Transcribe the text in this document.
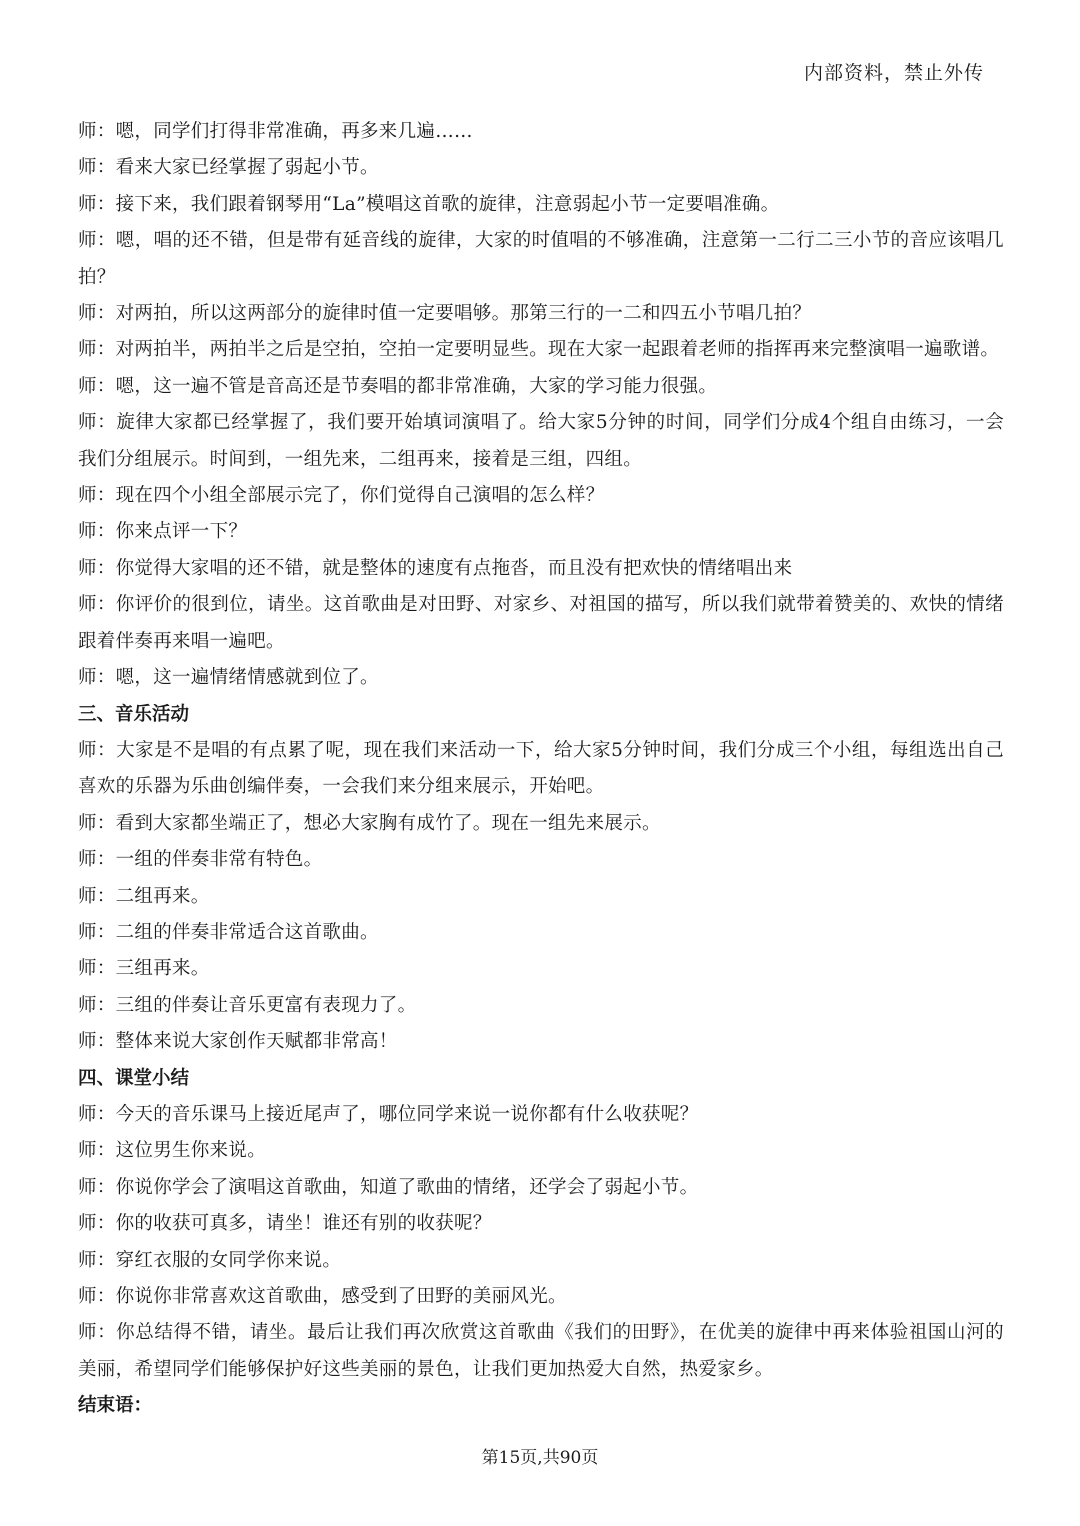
内部资料，禁止外传

师：嗯，同学们打得非常准确，再多来几遍……

师：看来大家已经掌握了弱起小节。

师：接下来，我们跟着钢琴用“La”模唱这首歌的旋律，注意弱起小节一定要唱准确。

师：嗯，唱的还不错，但是带有延音线的旋律，大家的时值唱的不够准确，注意第一二行二三小节的音应该唱几拍？

师：对两拍，所以这两部分的旋律时值一定要唱够。那第三行的一二和四五小节唱几拍？

师：对两拍半，两拍半之后是空拍，空拍一定要明显些。现在大家一起跟着老师的指挥再来完整演唱一遍歌谱。

师：嗯，这一遍不管是音高还是节奏唱的都非常准确，大家的学习能力很强。

师：旋律大家都已经掌握了，我们要开始填词演唱了。给大家5分钟的时间，同学们分成4个组自由练习，一会我们分组展示。时间到，一组先来，二组再来，接着是三组，四组。

师：现在四个小组全部展示完了，你们觉得自己演唱的怎么样？

师：你来点评一下？

师：你觉得大家唱的还不错，就是整体的速度有点拖沓，而且没有把欢快的情绪唱出来

师：你评价的很到位，请坐。这首歌曲是对田野、对家乡、对祖国的描写，所以我们就带着赞美的、欢快的情绪跟着伴奏再来唱一遍吧。

师：嗯，这一遍情绪情感就到位了。

三、音乐活动

师：大家是不是唱的有点累了呢，现在我们来活动一下，给大家5分钟时间，我们分成三个小组，每组选出自己喜欢的乐器为乐曲创编伴奏，一会我们来分组来展示，开始吧。

师：看到大家都坐端正了，想必大家胸有成竹了。现在一组先来展示。

师：一组的伴奏非常有特色。

师：二组再来。

师：二组的伴奏非常适合这首歌曲。

师：三组再来。

师：三组的伴奏让音乐更富有表现力了。

师：整体来说大家创作天赋都非常高！

四、课堂小结

师：今天的音乐课马上接近尾声了，哪位同学来说一说你都有什么收获呢？

师：这位男生你来说。

师：你说你学会了演唱这首歌曲，知道了歌曲的情绪，还学会了弱起小节。

师：你的收获可真多，请坐！谁还有别的收获呢？

师：穿红衣服的女同学你来说。

师：你说你非常喜欢这首歌曲，感受到了田野的美丽风光。

师：你总结得不错，请坐。最后让我们再次欣赏这首歌曲《我们的田野》，在优美的旋律中再来体验祖国山河的美丽，希望同学们能够保护好这些美丽的景色，让我们更加热爱大自然，热爱家乡。

结束语：

第15页,共90页
